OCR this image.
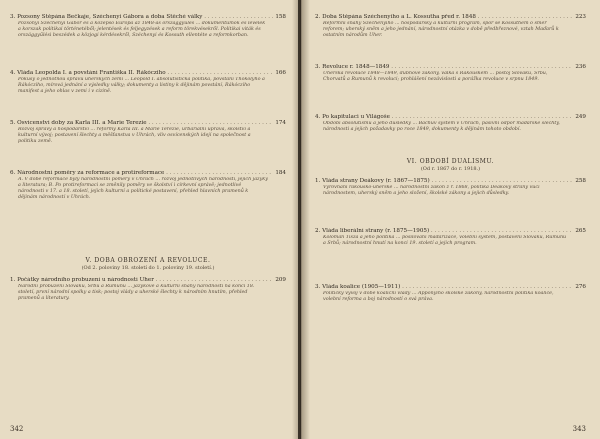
3. Pozsony Štěpána Bečkaje, Széchenyi Gábora a doba Stěché války . . .	158
Pozsonyi Széchenyi Gábor és a középső Európa az 1848-as országgyűlés ... dokumentumok és levelek a korszak politikai történetéből; jelentések és feljegyzések a reform törekvésekről. Politikai viták és országgyűlési beszédek a közjogi kérdésekről, Széchenyi és Kossuth ellentéte a reformkorban.
4. Vláda Leopolda I. a povstání Františka II. Rákócziho . . .	166
Pokusy o jednotnou správu uherských zemí ... Leopold I. absolutistická politika, povstání Thökölyho a Rákócziho, mírová jednání a výsledky války; dokumenty a listiny k dějinám povstání, Rákócziho manifest a jeho ohlas v zemi i v cizině.
5. Osvícenství doby za Karla III. a Marie Terezie . . .	174
Rozvoj správy a hospodářství ... reformy Karla III. a Marie Terezie, urbariální úprava, školství a kulturní vývoj; postavení šlechty a měšťanstva v Uhrách, vliv osvícenských idejí na společnost a politiku země.
6. Národnostní poměry za reformace a protireformace . . .	184
A. V době reformace byly národnostní poměry v Uhrách ... rozvoj jednotlivých národností, jejich jazyky a literatura; B. Po protireformaci se změnily poměry ve školství i církevní správě; jednotlivé národnosti v 17. a 18. století, jejich kulturní a politické postavení, přehled hlavních pramenů k dějinám národností v Uhrách.
V. DOBA OBROZENÍ A REVOLUCE.
(Od 2. poloviny 18. století do 1. poloviny 19. století.)
1. Počátky národního probuzení u národností Uher . . .	209
Národní probuzení Slováků, Srbů a Rumunů ... jazykové a kulturní snahy národností na konci 18. století, první národní spolky a tisk; postoj vlády a uherské šlechty k národním hnutím, přehled pramenů a literatury.
342
2. Doba Štěpána Széchenyiho a L. Kossutha před r. 1848 . . .	223
Reformní snahy Széchenyiho ... hospodářský a kulturní program, spor se Kossuthem o směr reforem; uherský sněm a jeho jednání, národnostní otázka v době předbřeznové, vztah Maďarů k ostatním národům Uher.
3. Revoluce r. 1848—1849 . . .	236
Uherská revoluce 1848—1849, dubnové zákony, válka s Rakouskem ... postoj Slováků, Srbů, Chorvatů a Rumunů k revoluci; prohlášení nezávislosti a porážka revoluce v srpnu 1849.
4. Po kapitulaci u Világoše . . .	249
Období absolutismu a jeho důsledky ... Bachův systém v Uhrách, pasivní odpor maďarské šlechty, národnosti a jejich požadavky po roce 1849, dokumenty k dějinám tohoto období.
VI. OBDOBÍ DUALISMU.
(Od r. 1867 do r. 1918.)
1. Vláda strany Deákovy (r. 1867—1875) . . .	258
Vyrovnání rakousko-uherské ... národnostní zákon z r. 1868, politika Deákovy strany vůči národnostem, uherský sněm a jeho složení, školské zákony a jejich důsledky.
2. Vláda liberální strany (r. 1875—1905) . . .	265
Koloman Tisza a jeho politika ... posilování maďarizace, volební systém, postavení Slováků, Rumunů a Srbů; národnostní hnutí na konci 19. století a jejich program.
3. Vláda koalice (1905—1911) . . .	276
Politický vývoj v době koaliční vlády ... Apponyiho školské zákony, národnostní politika koalice, volební reforma a boj národností o svá práva.
343
